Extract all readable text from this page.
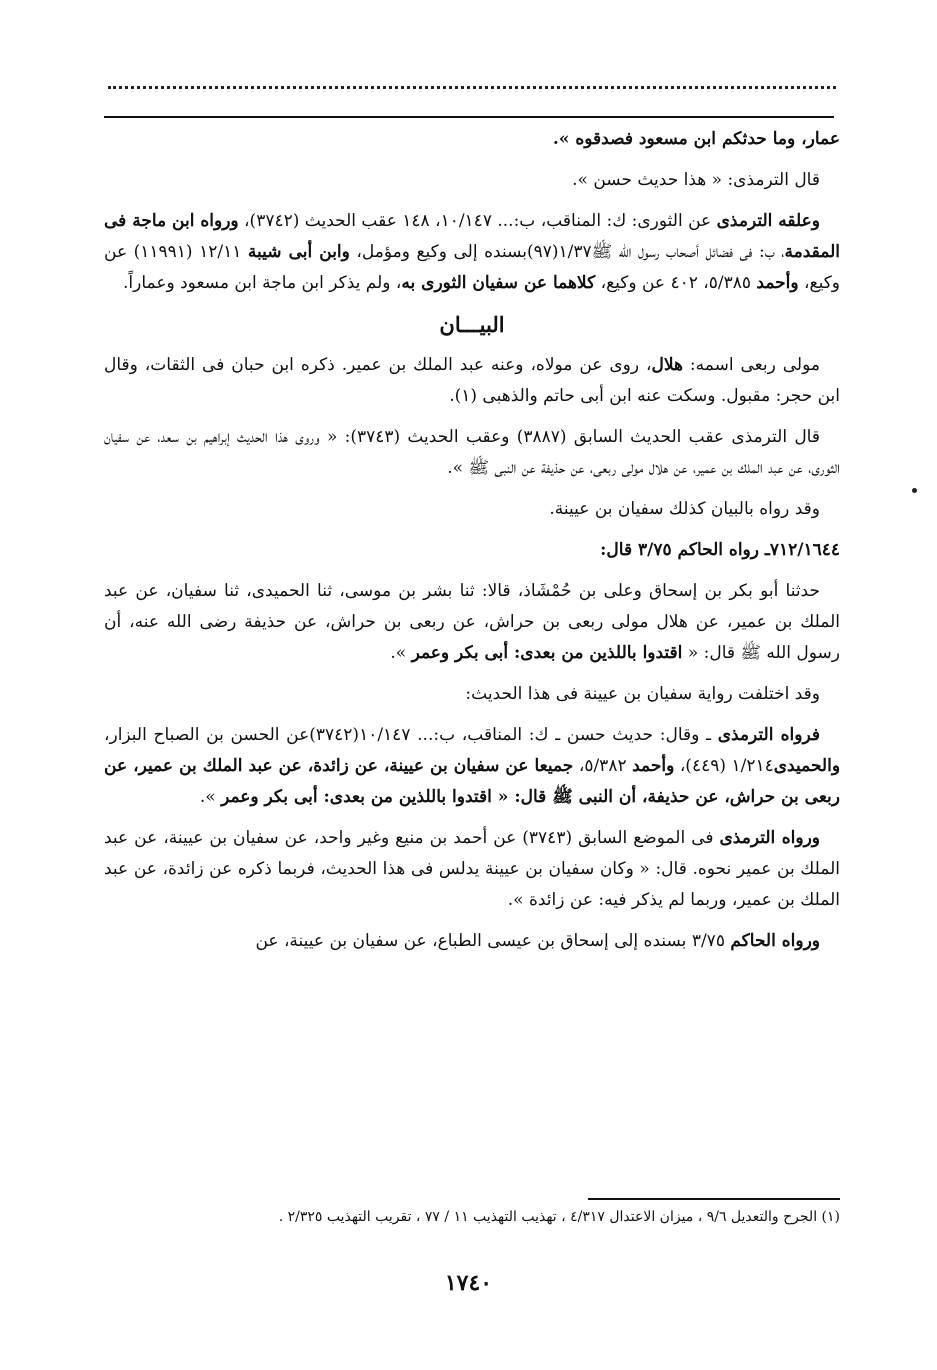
عمار، وما حدثكم ابن مسعود فصدقوه ».

قال الترمذى: « هذا حديث حسن ».

وعلقه الترمذى عن الثورى: ك: المناقب، ب:... ١٠/١٤٧، ١٤٨ عقب الحديث (٣٧٤٢)، ورواه ابن ماجة فى المقدمة، ب: فى فضائل أصحاب رسول الله ﷺ١/٣٧(٩٧)بسنده إلى وكيع ومؤمل، وابن أبى شيبة ١٢/١١ (١١٩٩١) عن وكيع، وأحمد ٥/٣٨٥، ٤٠٢ عن وكيع، كلاهما عن سفيان الثورى به، ولم يذكر ابن ماجة ابن مسعود وعماراً.

البيـــان

مولى ربعى اسمه: هلال، روى عن مولاه، وعنه عبد الملك بن عمير. ذكره ابن حبان فى الثقات، وقال ابن حجر: مقبول. وسكت عنه ابن أبى حاتم والذهبى (١).

قال الترمذى عقب الحديث السابق (٣٨٨٧) وعقب الحديث (٣٧٤٣): « وروى هذا الحديث إبراهيم بن سعد، عن سفيان الثورى، عن عبد الملك بن عمير، عن هلال مولى ربعى، عن حذيفة عن النبى ﷺ ».

وقد رواه بالبيان كذلك سفيان بن عيينة.

٧١٢/١٦٤٤ـ رواه الحاكم ٣/٧٥ قال:

حدثنا أبو بكر بن إسحاق وعلى بن حُمْشَاذ، قالا: ثنا بشر بن موسى، ثنا الحميدى، ثنا سفيان، عن عبد الملك بن عمير، عن هلال مولى ربعى بن حراش، عن ربعى بن حراش، عن حذيفة رضى الله عنه، أن رسول الله ﷺ قال: « اقتدوا باللذين من بعدى: أبى بكر وعمر ».

وقد اختلفت رواية سفيان بن عيينة فى هذا الحديث:

فرواه الترمذى ـ وقال: حديث حسن ـ ك: المناقب، ب:... ١٠/١٤٧(٣٧٤٢)عن الحسن بن الصباح البزار، والحميدى١/٢١٤ (٤٤٩)، وأحمد ٥/٣٨٢، جميعا عن سفيان بن عيينة، عن زائدة، عن عبد الملك بن عمير، عن ربعى بن حراش، عن حذيفة، أن النبى ﷺ قال: « اقتدوا باللذين من بعدى: أبى بكر وعمر ».

ورواه الترمذى فى الموضع السابق (٣٧٤٣) عن أحمد بن منيع وغير واحد، عن سفيان بن عيينة، عن عبد الملك بن عمير نحوه. قال: « وكان سفيان بن عيينة يدلس فى هذا الحديث، فربما ذكره عن زائدة، عن عبد الملك بن عمير، وربما لم يذكر فيه: عن زائدة ».

ورواه الحاكم ٣/٧٥ بسنده إلى إسحاق بن عيسى الطباع، عن سفيان بن عيينة، عن

(١) الجرح والتعديل ٩/٦ ، ميزان الاعتدال ٤/٣١٧ ، تهذيب التهذيب ١١ / ٧٧ ، تقريب التهذيب ٢/٣٢٥ .
١٧٤٠
